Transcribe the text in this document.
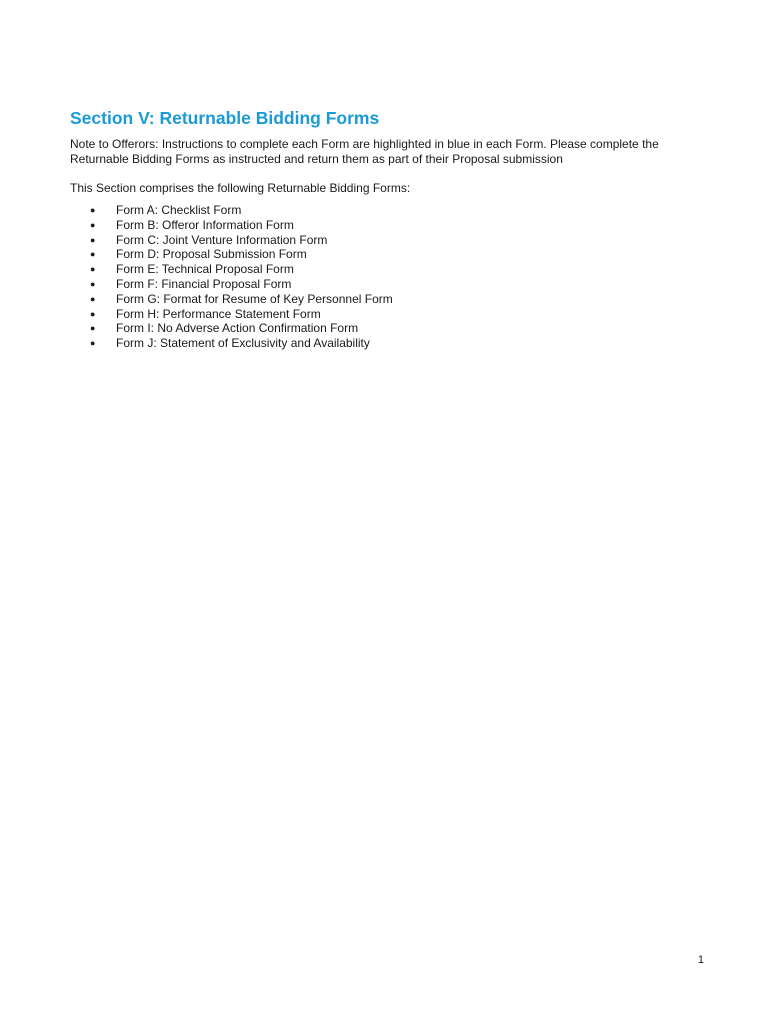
Section V: Returnable Bidding Forms

Note to Offerors: Instructions to complete each Form are highlighted in blue in each Form. Please complete the Returnable Bidding Forms as instructed and return them as part of their Proposal submission

This Section comprises the following Returnable Bidding Forms:

● Form A: Checklist Form
● Form B: Offeror Information Form
● Form C: Joint Venture Information Form
● Form D: Proposal Submission Form
● Form E: Technical Proposal Form
● Form F: Financial Proposal Form
● Form G: Format for Resume of Key Personnel Form
● Form H: Performance Statement Form
● Form I: No Adverse Action Confirmation Form
● Form J: Statement of Exclusivity and Availability
1
